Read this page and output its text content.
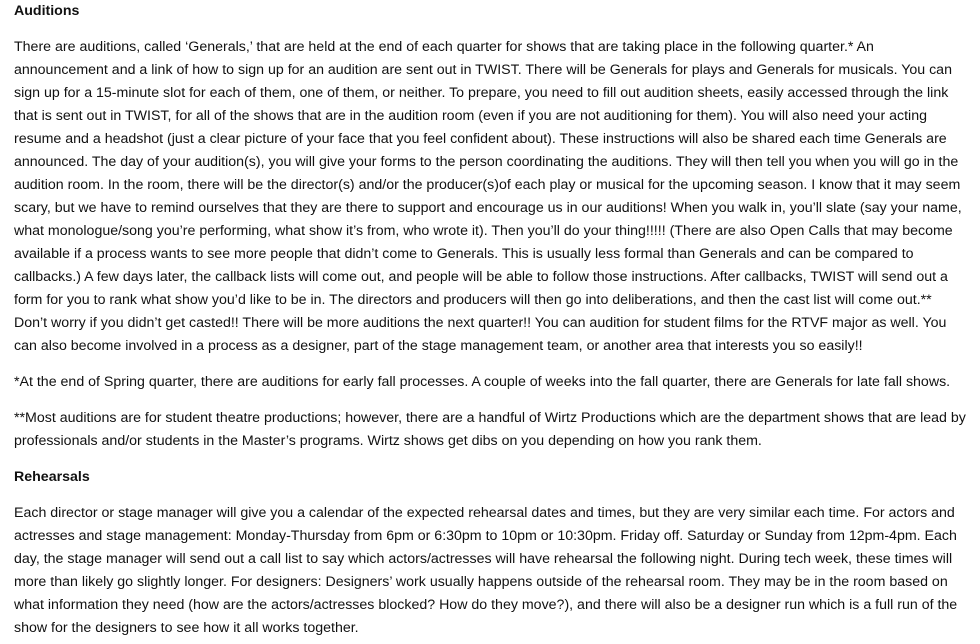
Auditions

There are auditions, called ‘Generals,’ that are held at the end of each quarter for shows that are taking place in the following quarter.* An announcement and a link of how to sign up for an audition are sent out in TWIST. There will be Generals for plays and Generals for musicals. You can sign up for a 15-minute slot for each of them, one of them, or neither. To prepare, you need to fill out audition sheets, easily accessed through the link that is sent out in TWIST, for all of the shows that are in the audition room (even if you are not auditioning for them). You will also need your acting resume and a headshot (just a clear picture of your face that you feel confident about). These instructions will also be shared each time Generals are announced. The day of your audition(s), you will give your forms to the person coordinating the auditions. They will then tell you when you will go in the audition room. In the room, there will be the director(s) and/or the producer(s)of each play or musical for the upcoming season. I know that it may seem scary, but we have to remind ourselves that they are there to support and encourage us in our auditions! When you walk in, you’ll slate (say your name, what monologue/song you’re performing, what show it’s from, who wrote it). Then you’ll do your thing!!!!! (There are also Open Calls that may become available if a process wants to see more people that didn’t come to Generals. This is usually less formal than Generals and can be compared to callbacks.) A few days later, the callback lists will come out, and people will be able to follow those instructions. After callbacks, TWIST will send out a form for you to rank what show you’d like to be in. The directors and producers will then go into deliberations, and then the cast list will come out.** Don’t worry if you didn’t get casted!! There will be more auditions the next quarter!! You can audition for student films for the RTVF major as well. You can also become involved in a process as a designer, part of the stage management team, or another area that interests you so easily!!

*At the end of Spring quarter, there are auditions for early fall processes. A couple of weeks into the fall quarter, there are Generals for late fall shows.

**Most auditions are for student theatre productions; however, there are a handful of Wirtz Productions which are the department shows that are lead by professionals and/or students in the Master’s programs. Wirtz shows get dibs on you depending on how you rank them.

Rehearsals

Each director or stage manager will give you a calendar of the expected rehearsal dates and times, but they are very similar each time. For actors and actresses and stage management: Monday-Thursday from 6pm or 6:30pm to 10pm or 10:30pm. Friday off. Saturday or Sunday from 12pm-4pm. Each day, the stage manager will send out a call list to say which actors/actresses will have rehearsal the following night. During tech week, these times will more than likely go slightly longer. For designers: Designers’ work usually happens outside of the rehearsal room. They may be in the room based on what information they need (how are the actors/actresses blocked? How do they move?), and there will also be a designer run which is a full run of the show for the designers to see how it all works together.
